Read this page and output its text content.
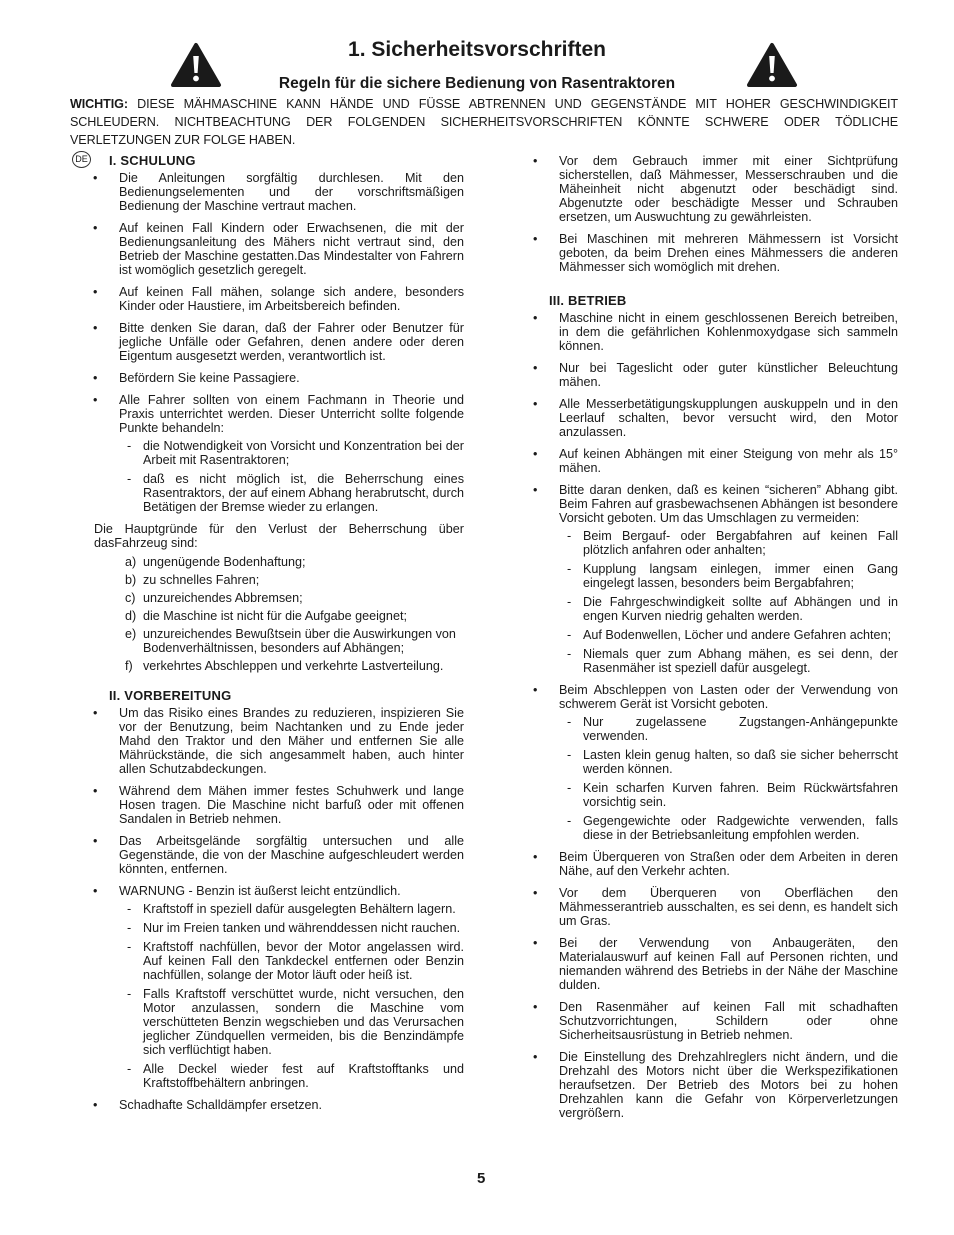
1. Sicherheitsvorschriften
Regeln für die sichere Bedienung von Rasentraktoren

WICHTIG: DIESE MÄHMASCHINE KANN HÄNDE UND FÜSSE ABTRENNEN UND GEGENSTÄNDE MIT HOHER GESCHWINDIGKEIT SCHLEUDERN. NICHTBEACHTUNG DER FOLGENDEN SICHERHEITSVORSCHRIFTEN KÖNNTE SCHWERE ODER TÖDLICHE VERLETZUNGEN ZUR FOLGE HABEN.

DE I. SCHULUNG
• Die Anleitungen sorgfältig durchlesen. Mit den Bedienungselementen und der vorschriftsmäßigen Bedienung der Maschine vertraut machen.
• Auf keinen Fall Kindern oder Erwachsenen, die mit der Bedienungsanleitung des Mähers nicht vertraut sind, den Betrieb der Maschine gestatten.Das Mindestalter von Fahrern ist womöglich gesetzlich geregelt.
• Auf keinen Fall mähen, solange sich andere, besonders Kinder oder Haustiere, im Arbeitsbereich befinden.
• Bitte denken Sie daran, daß der Fahrer oder Benutzer für jegliche Unfälle oder Gefahren, denen andere oder deren Eigentum ausgesetzt werden, verantwortlich ist.
• Befördern Sie keine Passagiere.
• Alle Fahrer sollten von einem Fachmann in Theorie und Praxis unterrichtet werden. Dieser Unterricht sollte folgende Punkte behandeln:
- die Notwendigkeit von Vorsicht und Konzentration bei der Arbeit mit Rasentraktoren;
- daß es nicht möglich ist, die Beherrschung eines Rasentraktors, der auf einem Abhang herabrutscht, durch Betätigen der Bremse wieder zu erlangen.

Die Hauptgründe für den Verlust der Beherrschung über dasFahrzeug sind:

a) ungenügende Bodenhaftung;
b) zu schnelles Fahren;
c) unzureichendes Abbremsen;
d) die Maschine ist nicht für die Aufgabe geeignet;
e) unzureichendes Bewußtsein über die Auswirkungen von Bodenverhältnissen, besonders auf Abhängen;
f) verkehrtes Abschleppen und verkehrte Lastverteilung.
II. VORBEREITUNG
• Um das Risiko eines Brandes zu reduzieren, inspizieren Sie vor der Benutzung, beim Nachtanken und zu Ende jeder Mahd den Traktor und den Mäher und entfernen Sie alle Mährückstände, die sich angesammelt haben, auch hinter allen Schutzabdeckungen.
• Während dem Mähen immer festes Schuhwerk und lange Hosen tragen. Die Maschine nicht barfuß oder mit offenen Sandalen in Betrieb nehmen.
• Das Arbeitsgelände sorgfältig untersuchen und alle Gegenstände, die von der Maschine aufgeschleudert werden könnten, entfernen.
• WARNUNG - Benzin ist äußerst leicht entzündlich.
- Kraftstoff in speziell dafür ausgelegten Behältern lagern.
- Nur im Freien tanken und währenddessen nicht rauchen.
- Kraftstoff nachfüllen, bevor der Motor angelassen wird. Auf keinen Fall den Tankdeckel entfernen oder Benzin nachfüllen, solange der Motor läuft oder heiß ist.
- Falls Kraftstoff verschüttet wurde, nicht versuchen, den Motor anzulassen, sondern die Maschine vom verschütteten Benzin wegschieben und das Verursachen jeglicher Zündquellen vermeiden, bis die Benzindämpfe sich verflüchtigt haben.
- Alle Deckel wieder fest auf Kraftstofftanks und Kraftstoffbehältern anbringen.
• Schadhafte Schalldämpfer ersetzen.
• Vor dem Gebrauch immer mit einer Sichtprüfung sicherstellen, daß Mähmesser, Messerschrauben und die Mäheinheit nicht abgenutzt oder beschädigt sind. Abgenutzte oder beschädigte Messer und Schrauben ersetzen, um Auswuchtung zu gewährleisten.
• Bei Maschinen mit mehreren Mähmessern ist Vorsicht geboten, da beim Drehen eines Mähmessers die anderen Mähmesser sich womöglich mit drehen.
III. BETRIEB
• Maschine nicht in einem geschlossenen Bereich betreiben, in dem die gefährlichen Kohlenmoxydgase sich sammeln können.
• Nur bei Tageslicht oder guter künstlicher Beleuchtung mähen.
• Alle Messerbetätigungskupplungen auskuppeln und in den Leerlauf schalten, bevor versucht wird, den Motor anzulassen.
• Auf keinen Abhängen mit einer Steigung von mehr als 15° mähen.
• Bitte daran denken, daß es keinen “sicheren” Abhang gibt. Beim Fahren auf grasbewachsenen Abhängen ist besondere Vorsicht geboten. Um das Umschlagen zu vermeiden:
- Beim Bergauf- oder Bergabfahren auf keinen Fall plötzlich anfahren oder anhalten;
- Kupplung langsam einlegen, immer einen Gang eingelegt lassen, besonders beim Bergabfahren;
- Die Fahrgeschwindigkeit sollte auf Abhängen und in engen Kurven niedrig gehalten werden.
- Auf Bodenwellen, Löcher und andere Gefahren achten;
- Niemals quer zum Abhang mähen, es sei denn, der Rasenmäher ist speziell dafür ausgelegt.
• Beim Abschleppen von Lasten oder der Verwendung von schwerem Gerät ist Vorsicht geboten.
- Nur zugelassene Zugstangen-Anhängepunkte verwenden.
- Lasten klein genug halten, so daß sie sicher beherrscht werden können.
- Kein scharfen Kurven fahren. Beim Rückwärtsfahren vorsichtig sein.
- Gegengewichte oder Radgewichte verwenden, falls diese in der Betriebsanleitung empfohlen werden.
• Beim Überqueren von Straßen oder dem Arbeiten in deren Nähe, auf den Verkehr achten.
• Vor dem Überqueren von Oberflächen den Mähmesserantrieb ausschalten, es sei denn, es handelt sich um Gras.
• Bei der Verwendung von Anbaugeräten, den Materialauswurf auf keinen Fall auf Personen richten, und niemanden während des Betriebs in der Nähe der Maschine dulden.
• Den Rasenmäher auf keinen Fall mit schadhaften Schutzvorrichtungen, Schildern oder ohne Sicherheitsausrüstung in Betrieb nehmen.
• Die Einstellung des Drehzahlreglers nicht ändern, und die Drehzahl des Motors nicht über die Werkspezifikationen heraufsetzen. Der Betrieb des Motors bei zu hohen Drehzahlen kann die Gefahr von Körperverletzungen vergrößern.
5
